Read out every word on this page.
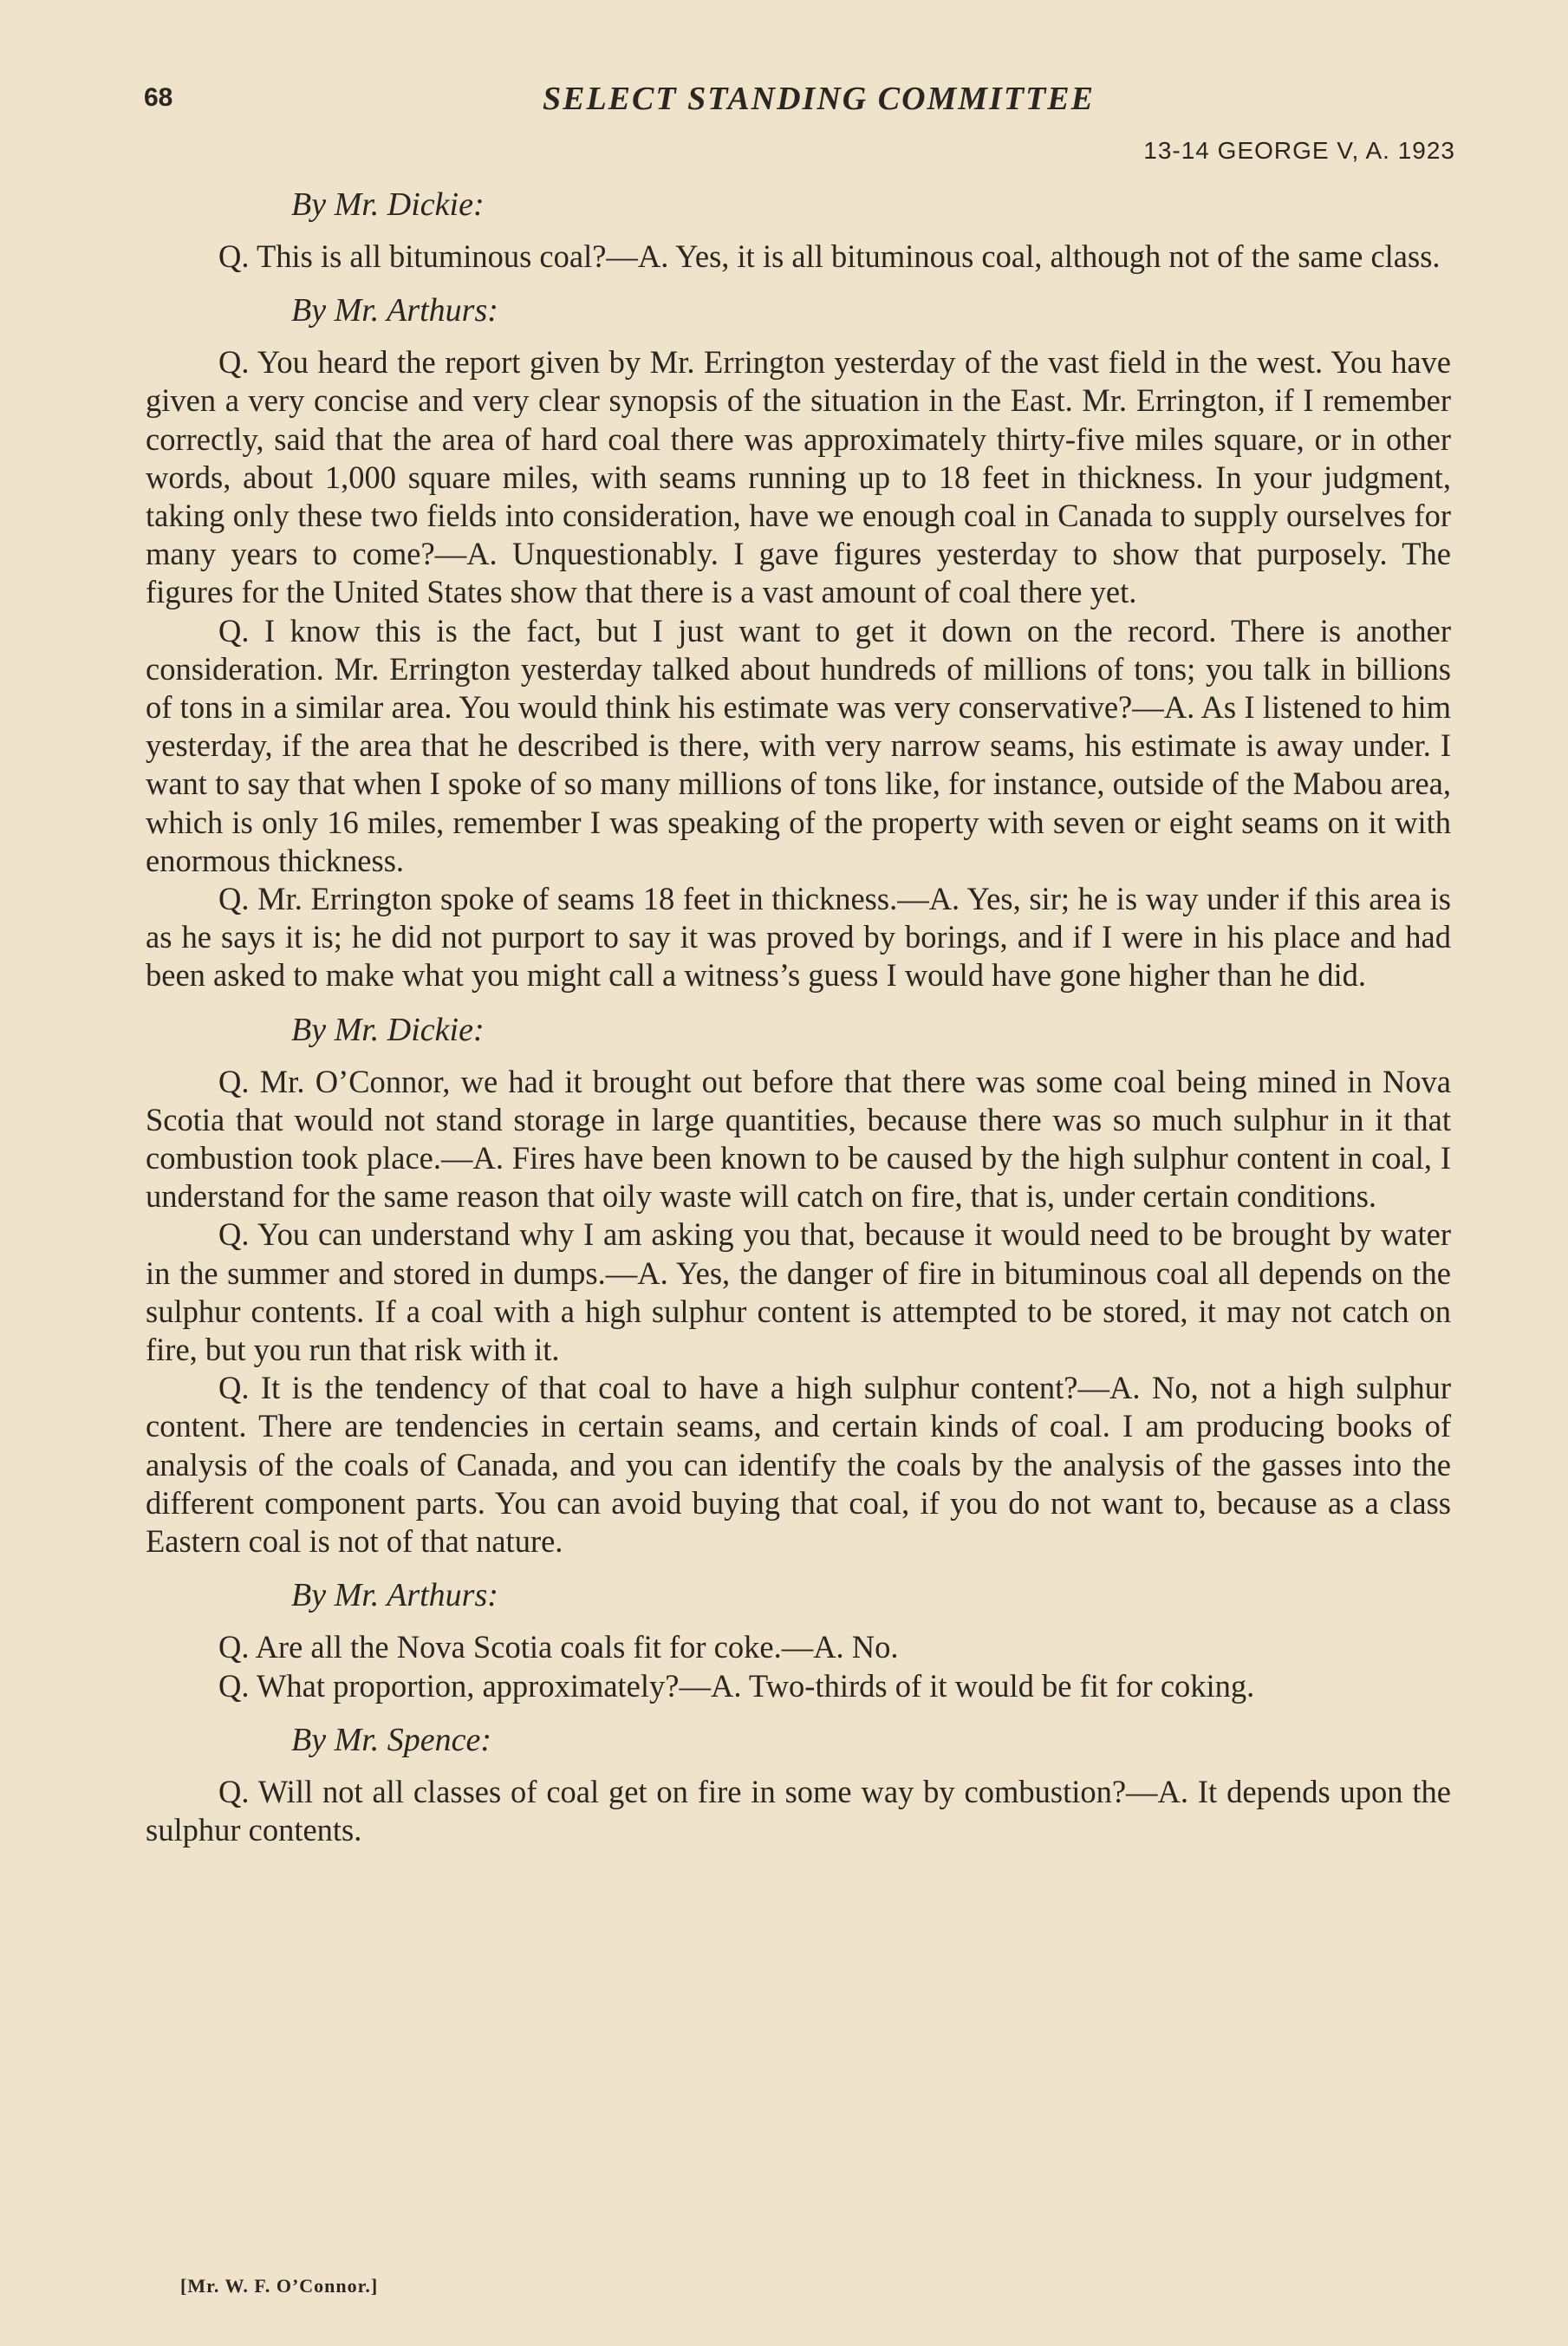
68	SELECT STANDING COMMITTEE
13-14 GEORGE V, A. 1923
By Mr. Dickie:

Q. This is all bituminous coal?—A. Yes, it is all bituminous coal, although not of the same class.

By Mr. Arthurs:

Q. You heard the report given by Mr. Errington yesterday of the vast field in the west. You have given a very concise and very clear synopsis of the situation in the East. Mr. Errington, if I remember correctly, said that the area of hard coal there was approximately thirty-five miles square, or in other words, about 1,000 square miles, with seams running up to 18 feet in thickness. In your judgment, taking only these two fields into consideration, have we enough coal in Canada to supply ourselves for many years to come?—A. Unquestionably. I gave figures yesterday to show that purposely. The figures for the United States show that there is a vast amount of coal there yet.

Q. I know this is the fact, but I just want to get it down on the record. There is another consideration. Mr. Errington yesterday talked about hundreds of millions of tons; you talk in billions of tons in a similar area. You would think his estimate was very conservative?—A. As I listened to him yesterday, if the area that he described is there, with very narrow seams, his estimate is away under. I want to say that when I spoke of so many millions of tons like, for instance, outside of the Mabou area, which is only 16 miles, remember I was speaking of the property with seven or eight seams on it with enormous thickness.

Q. Mr. Errington spoke of seams 18 feet in thickness.—A. Yes, sir; he is way under if this area is as he says it is; he did not purport to say it was proved by borings, and if I were in his place and had been asked to make what you might call a witness’s guess I would have gone higher than he did.

By Mr. Dickie:

Q. Mr. O’Connor, we had it brought out before that there was some coal being mined in Nova Scotia that would not stand storage in large quantities, because there was so much sulphur in it that combustion took place.—A. Fires have been known to be caused by the high sulphur content in coal, I understand for the same reason that oily waste will catch on fire, that is, under certain conditions.

Q. You can understand why I am asking you that, because it would need to be brought by water in the summer and stored in dumps.—A. Yes, the danger of fire in bituminous coal all depends on the sulphur contents. If a coal with a high sulphur content is attempted to be stored, it may not catch on fire, but you run that risk with it.

Q. It is the tendency of that coal to have a high sulphur content?—A. No, not a high sulphur content. There are tendencies in certain seams, and certain kinds of coal. I am producing books of analysis of the coals of Canada, and you can identify the coals by the analysis of the gasses into the different component parts. You can avoid buying that coal, if you do not want to, because as a class Eastern coal is not of that nature.

By Mr. Arthurs:

Q. Are all the Nova Scotia coals fit for coke.—A. No.

Q. What proportion, approximately?—A. Two-thirds of it would be fit for coking.

By Mr. Spence:

Q. Will not all classes of coal get on fire in some way by combustion?—A. It depends upon the sulphur contents.

[Mr. W. F. O’Connor.]
